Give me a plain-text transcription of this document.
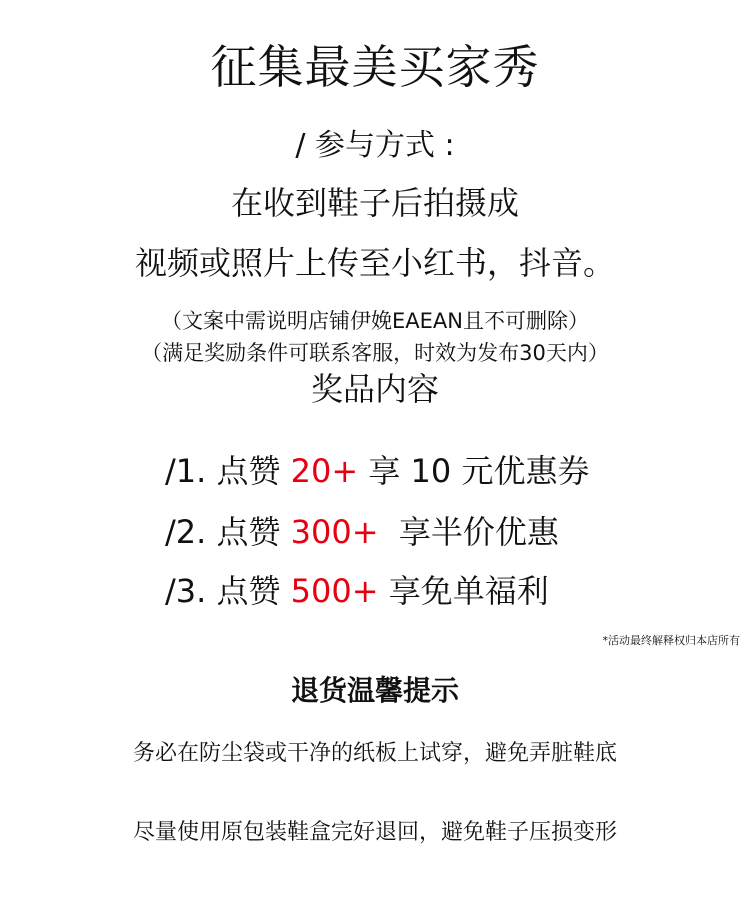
征集最美买家秀
/ 参与方式 :
在收到鞋子后拍摄成
视频或照片上传至小红书，抖音。
（文案中需说明店铺伊娩EAEAN且不可删除）
（满足奖励条件可联系客服，时效为发布30天内）
奖品内容
/1. 点赞 20+ 享 10 元优惠券
/2. 点赞 300+  享半价优惠
/3. 点赞 500+ 享免单福利
*活动最终解释权归本店所有
退货温馨提示
务必在防尘袋或干净的纸板上试穿，避免弄脏鞋底
尽量使用原包装鞋盒完好退回，避免鞋子压损变形
